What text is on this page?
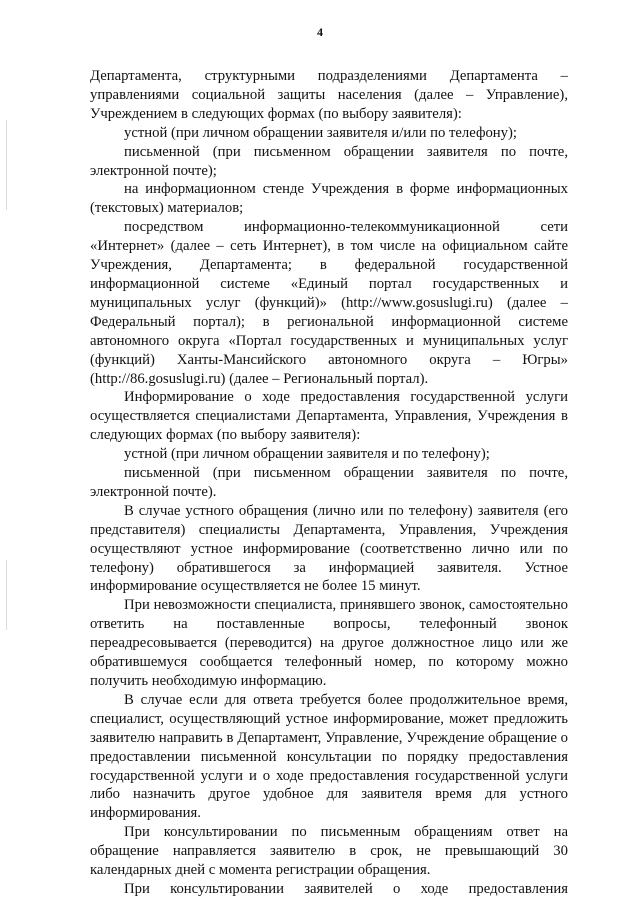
4

Департамента, структурными подразделениями Департамента – управлениями социальной защиты населения (далее – Управление), Учреждением в следующих формах (по выбору заявителя):

устной (при личном обращении заявителя и/или по телефону);

письменной (при письменном обращении заявителя по почте, электронной почте);

на информационном стенде Учреждения в форме информационных (текстовых) материалов;

посредством информационно-телекоммуникационной сети «Интернет» (далее – сеть Интернет), в том числе на официальном сайте Учреждения, Департамента; в федеральной государственной информационной системе «Единый портал государственных и муниципальных услуг (функций)» (http://www.gosuslugi.ru) (далее – Федеральный портал); в региональной информационной системе автономного округа «Портал государственных и муниципальных услуг (функций) Ханты-Мансийского автономного округа – Югры» (http://86.gosuslugi.ru) (далее – Региональный портал).

Информирование о ходе предоставления государственной услуги осуществляется специалистами Департамента, Управления, Учреждения в следующих формах (по выбору заявителя):

устной (при личном обращении заявителя и по телефону);

письменной (при письменном обращении заявителя по почте, электронной почте).

В случае устного обращения (лично или по телефону) заявителя (его представителя) специалисты Департамента, Управления, Учреждения осуществляют устное информирование (соответственно лично или по телефону) обратившегося за информацией заявителя. Устное информирование осуществляется не более 15 минут.

При невозможности специалиста, принявшего звонок, самостоятельно ответить на поставленные вопросы, телефонный звонок переадресовывается (переводится) на другое должностное лицо или же обратившемуся сообщается телефонный номер, по которому можно получить необходимую информацию.

В случае если для ответа требуется более продолжительное время, специалист, осуществляющий устное информирование, может предложить заявителю направить в Департамент, Управление, Учреждение обращение о предоставлении письменной консультации по порядку предоставления государственной услуги и о ходе предоставления государственной услуги либо назначить другое удобное для заявителя время для устного информирования.

При консультировании по письменным обращениям ответ на обращение направляется заявителю в срок, не превышающий 30 календарных дней с момента регистрации обращения.

При консультировании заявителей о ходе предоставления
